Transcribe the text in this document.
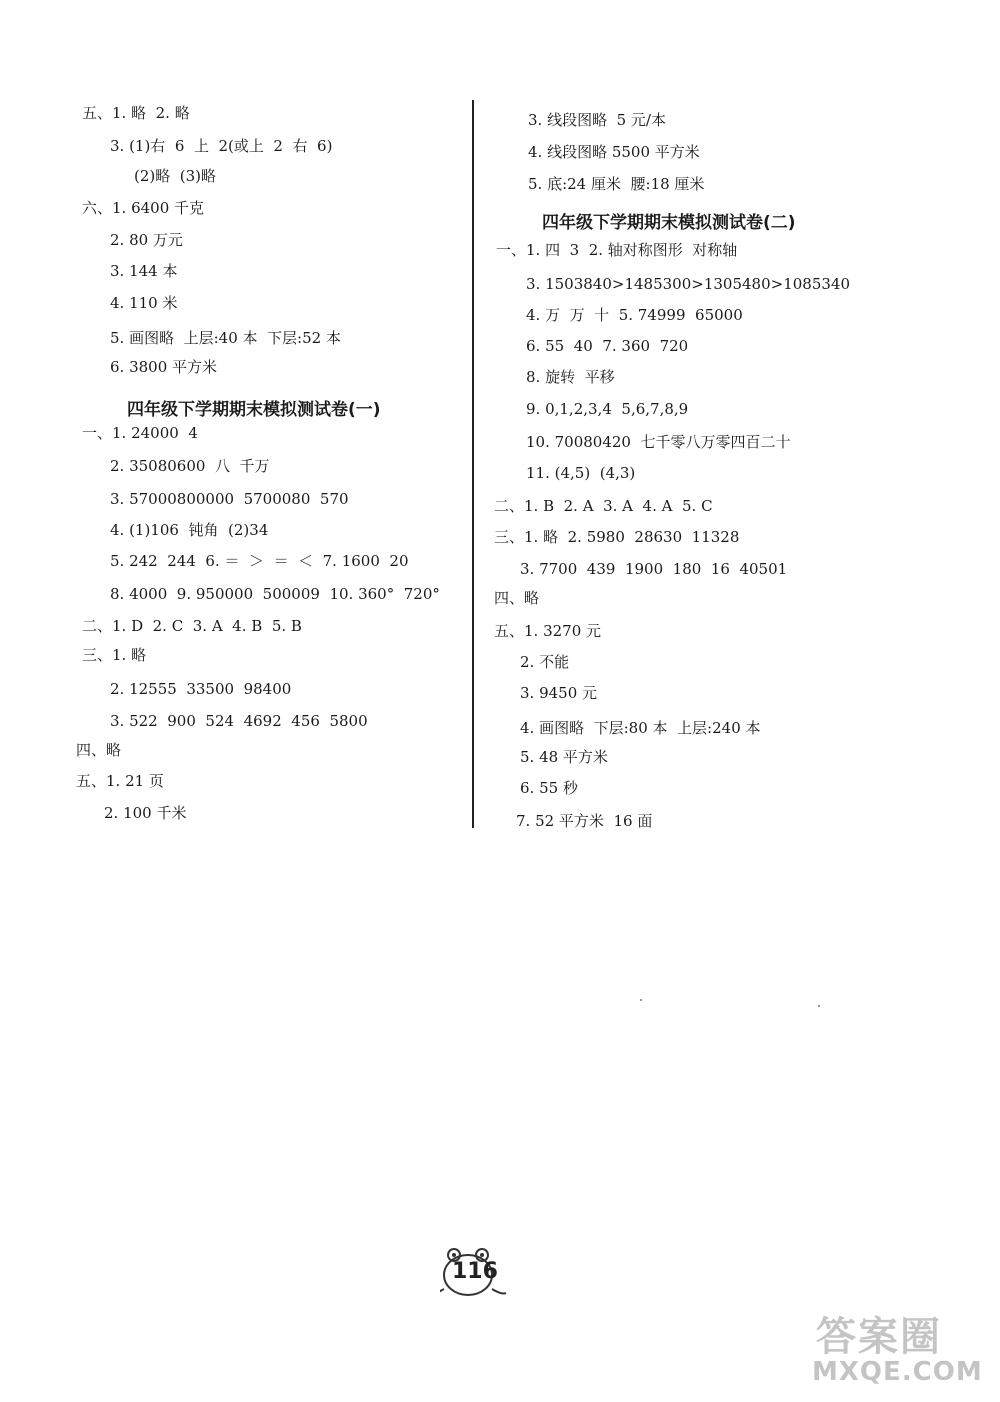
五、1. 略  2. 略
3. (1)右  6  上  2(或上  2  右  6)
(2)略  (3)略
六、1. 6400 千克
2. 80 万元
3. 144 本
4. 110 米
5. 画图略  上层:40 本  下层:52 本
6. 3800 平方米
四年级下学期期末模拟测试卷(一)
一、1. 24000  4
2. 35080600  八  千万
3. 57000800000  5700080  570
4. (1)106  钝角  (2)34
5. 242  244  6. ＝  ＞  ＝  ＜  7. 1600  20
8. 4000  9. 950000  500009  10. 360°  720°
二、1. D  2. C  3. A  4. B  5. B
三、1. 略
2. 12555  33500  98400
3. 522  900  524  4692  456  5800
四、略
五、1. 21 页
2. 100 千米
3. 线段图略  5 元/本
4. 线段图略 5500 平方米
5. 底:24 厘米  腰:18 厘米
四年级下学期期末模拟测试卷(二)
一、1. 四  3  2. 轴对称图形  对称轴
3. 1503840>1485300>1305480>1085340
4. 万  万  十  5. 74999  65000
6. 55  40  7. 360  720
8. 旋转  平移
9. 0,1,2,3,4  5,6,7,8,9
10. 70080420  七千零八万零四百二十
11. (4,5)  (4,3)
二、1. B  2. A  3. A  4. A  5. C
三、1. 略  2. 5980  28630  11328
3. 7700  439  1900  180  16  40501
四、略
五、1. 3270 元
2. 不能
3. 9450 元
4. 画图略  下层:80 本  上层:240 本
5. 48 平方米
6. 55 秒
7. 52 平方米  16 面
116
答案圈
MXQE.COM
